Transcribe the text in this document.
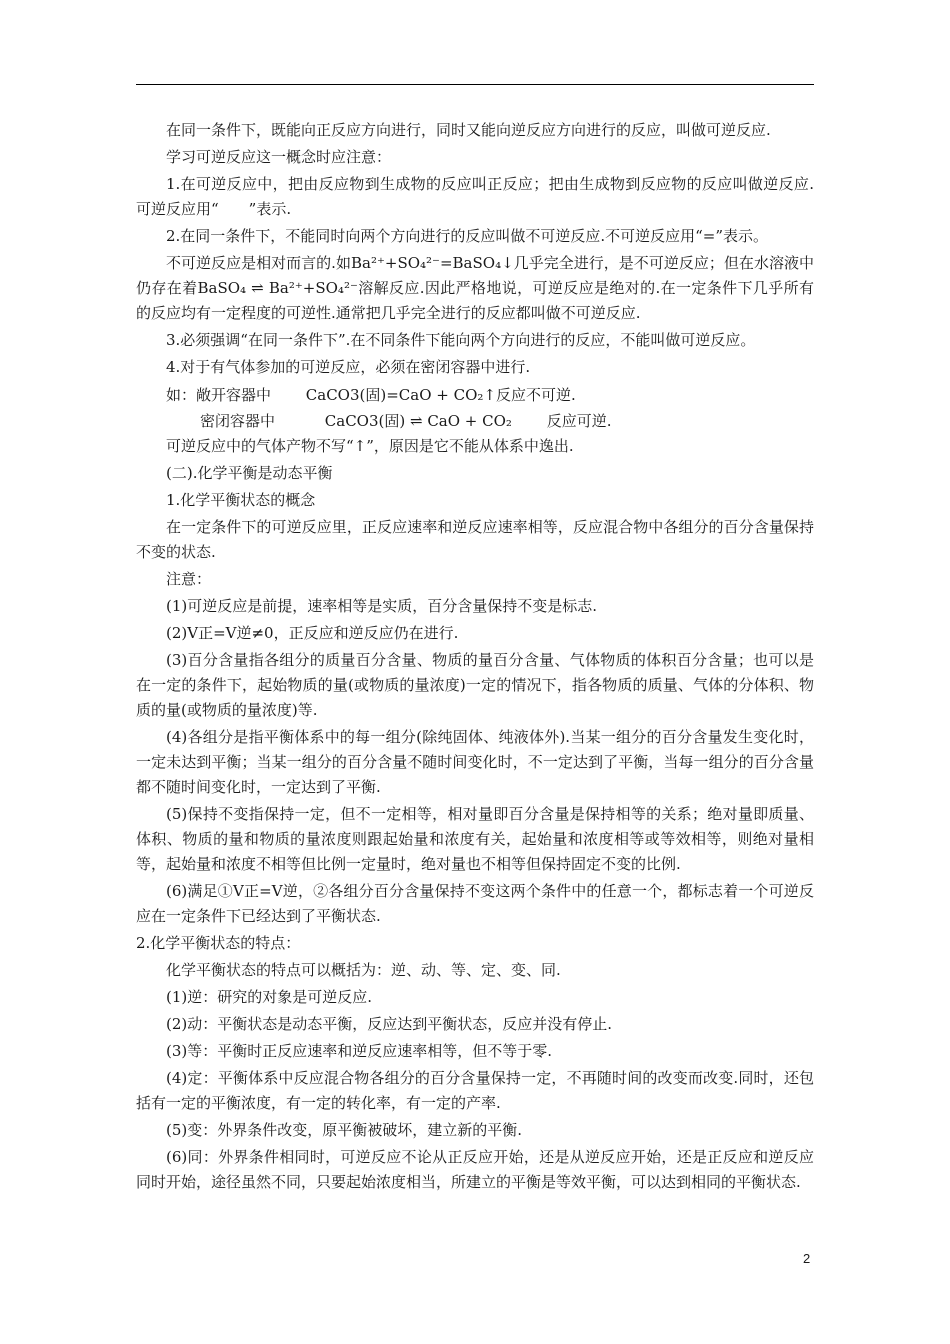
在同一条件下，既能向正反应方向进行，同时又能向逆反应方向进行的反应，叫做可逆反应.
学习可逆反应这一概念时应注意：
1.在可逆反应中，把由反应物到生成物的反应叫正反应；把由生成物到反应物的反应叫做逆反应.可逆反应用“　　”表示.
2.在同一条件下，不能同时向两个方向进行的反应叫做不可逆反应.不可逆反应用“=”表示。
不可逆反应是相对而言的.如Ba²⁺+SO₄²⁻=BaSO₄↓几乎完全进行，是不可逆反应；但在水溶液中仍存在着BaSO₄ ⇌ Ba²⁺+SO₄²⁻溶解反应.因此严格地说，可逆反应是绝对的.在一定条件下几乎所有的反应均有一定程度的可逆性.通常把几乎完全进行的反应都叫做不可逆反应.
3.必须强调“在同一条件下”.在不同条件下能向两个方向进行的反应，不能叫做可逆反应。
4.对于有气体参加的可逆反应，必须在密闭容器中进行.
如：敞开容器中　　 CaCO3(固)=CaO + CO₂↑反应不可逆.
密闭容器中　　　 CaCO3(固) ⇌ CaO + CO₂　　 反应可逆.
可逆反应中的气体产物不写“↑”，原因是它不能从体系中逸出.
(二).化学平衡是动态平衡
1.化学平衡状态的概念
在一定条件下的可逆反应里，正反应速率和逆反应速率相等，反应混合物中各组分的百分含量保持不变的状态.
注意：
(1)可逆反应是前提，速率相等是实质，百分含量保持不变是标志.
(2)V正=V逆≠0，正反应和逆反应仍在进行.
(3)百分含量指各组分的质量百分含量、物质的量百分含量、气体物质的体积百分含量；也可以是在一定的条件下，起始物质的量(或物质的量浓度)一定的情况下，指各物质的质量、气体的分体积、物质的量(或物质的量浓度)等.
(4)各组分是指平衡体系中的每一组分(除纯固体、纯液体外).当某一组分的百分含量发生变化时，一定未达到平衡；当某一组分的百分含量不随时间变化时，不一定达到了平衡，当每一组分的百分含量都不随时间变化时，一定达到了平衡.
(5)保持不变指保持一定，但不一定相等，相对量即百分含量是保持相等的关系；绝对量即质量、体积、物质的量和物质的量浓度则跟起始量和浓度有关，起始量和浓度相等或等效相等，则绝对量相等，起始量和浓度不相等但比例一定量时，绝对量也不相等但保持固定不变的比例.
(6)满足①V正=V逆，②各组分百分含量保持不变这两个条件中的任意一个，都标志着一个可逆反应在一定条件下已经达到了平衡状态.
2.化学平衡状态的特点：
化学平衡状态的特点可以概括为：逆、动、等、定、变、同.
(1)逆：研究的对象是可逆反应.
(2)动：平衡状态是动态平衡，反应达到平衡状态，反应并没有停止.
(3)等：平衡时正反应速率和逆反应速率相等，但不等于零.
(4)定：平衡体系中反应混合物各组分的百分含量保持一定，不再随时间的改变而改变.同时，还包括有一定的平衡浓度，有一定的转化率，有一定的产率.
(5)变：外界条件改变，原平衡被破坏，建立新的平衡.
(6)同：外界条件相同时，可逆反应不论从正反应开始，还是从逆反应开始，还是正反应和逆反应同时开始，途径虽然不同，只要起始浓度相当，所建立的平衡是等效平衡，可以达到相同的平衡状态.
2
